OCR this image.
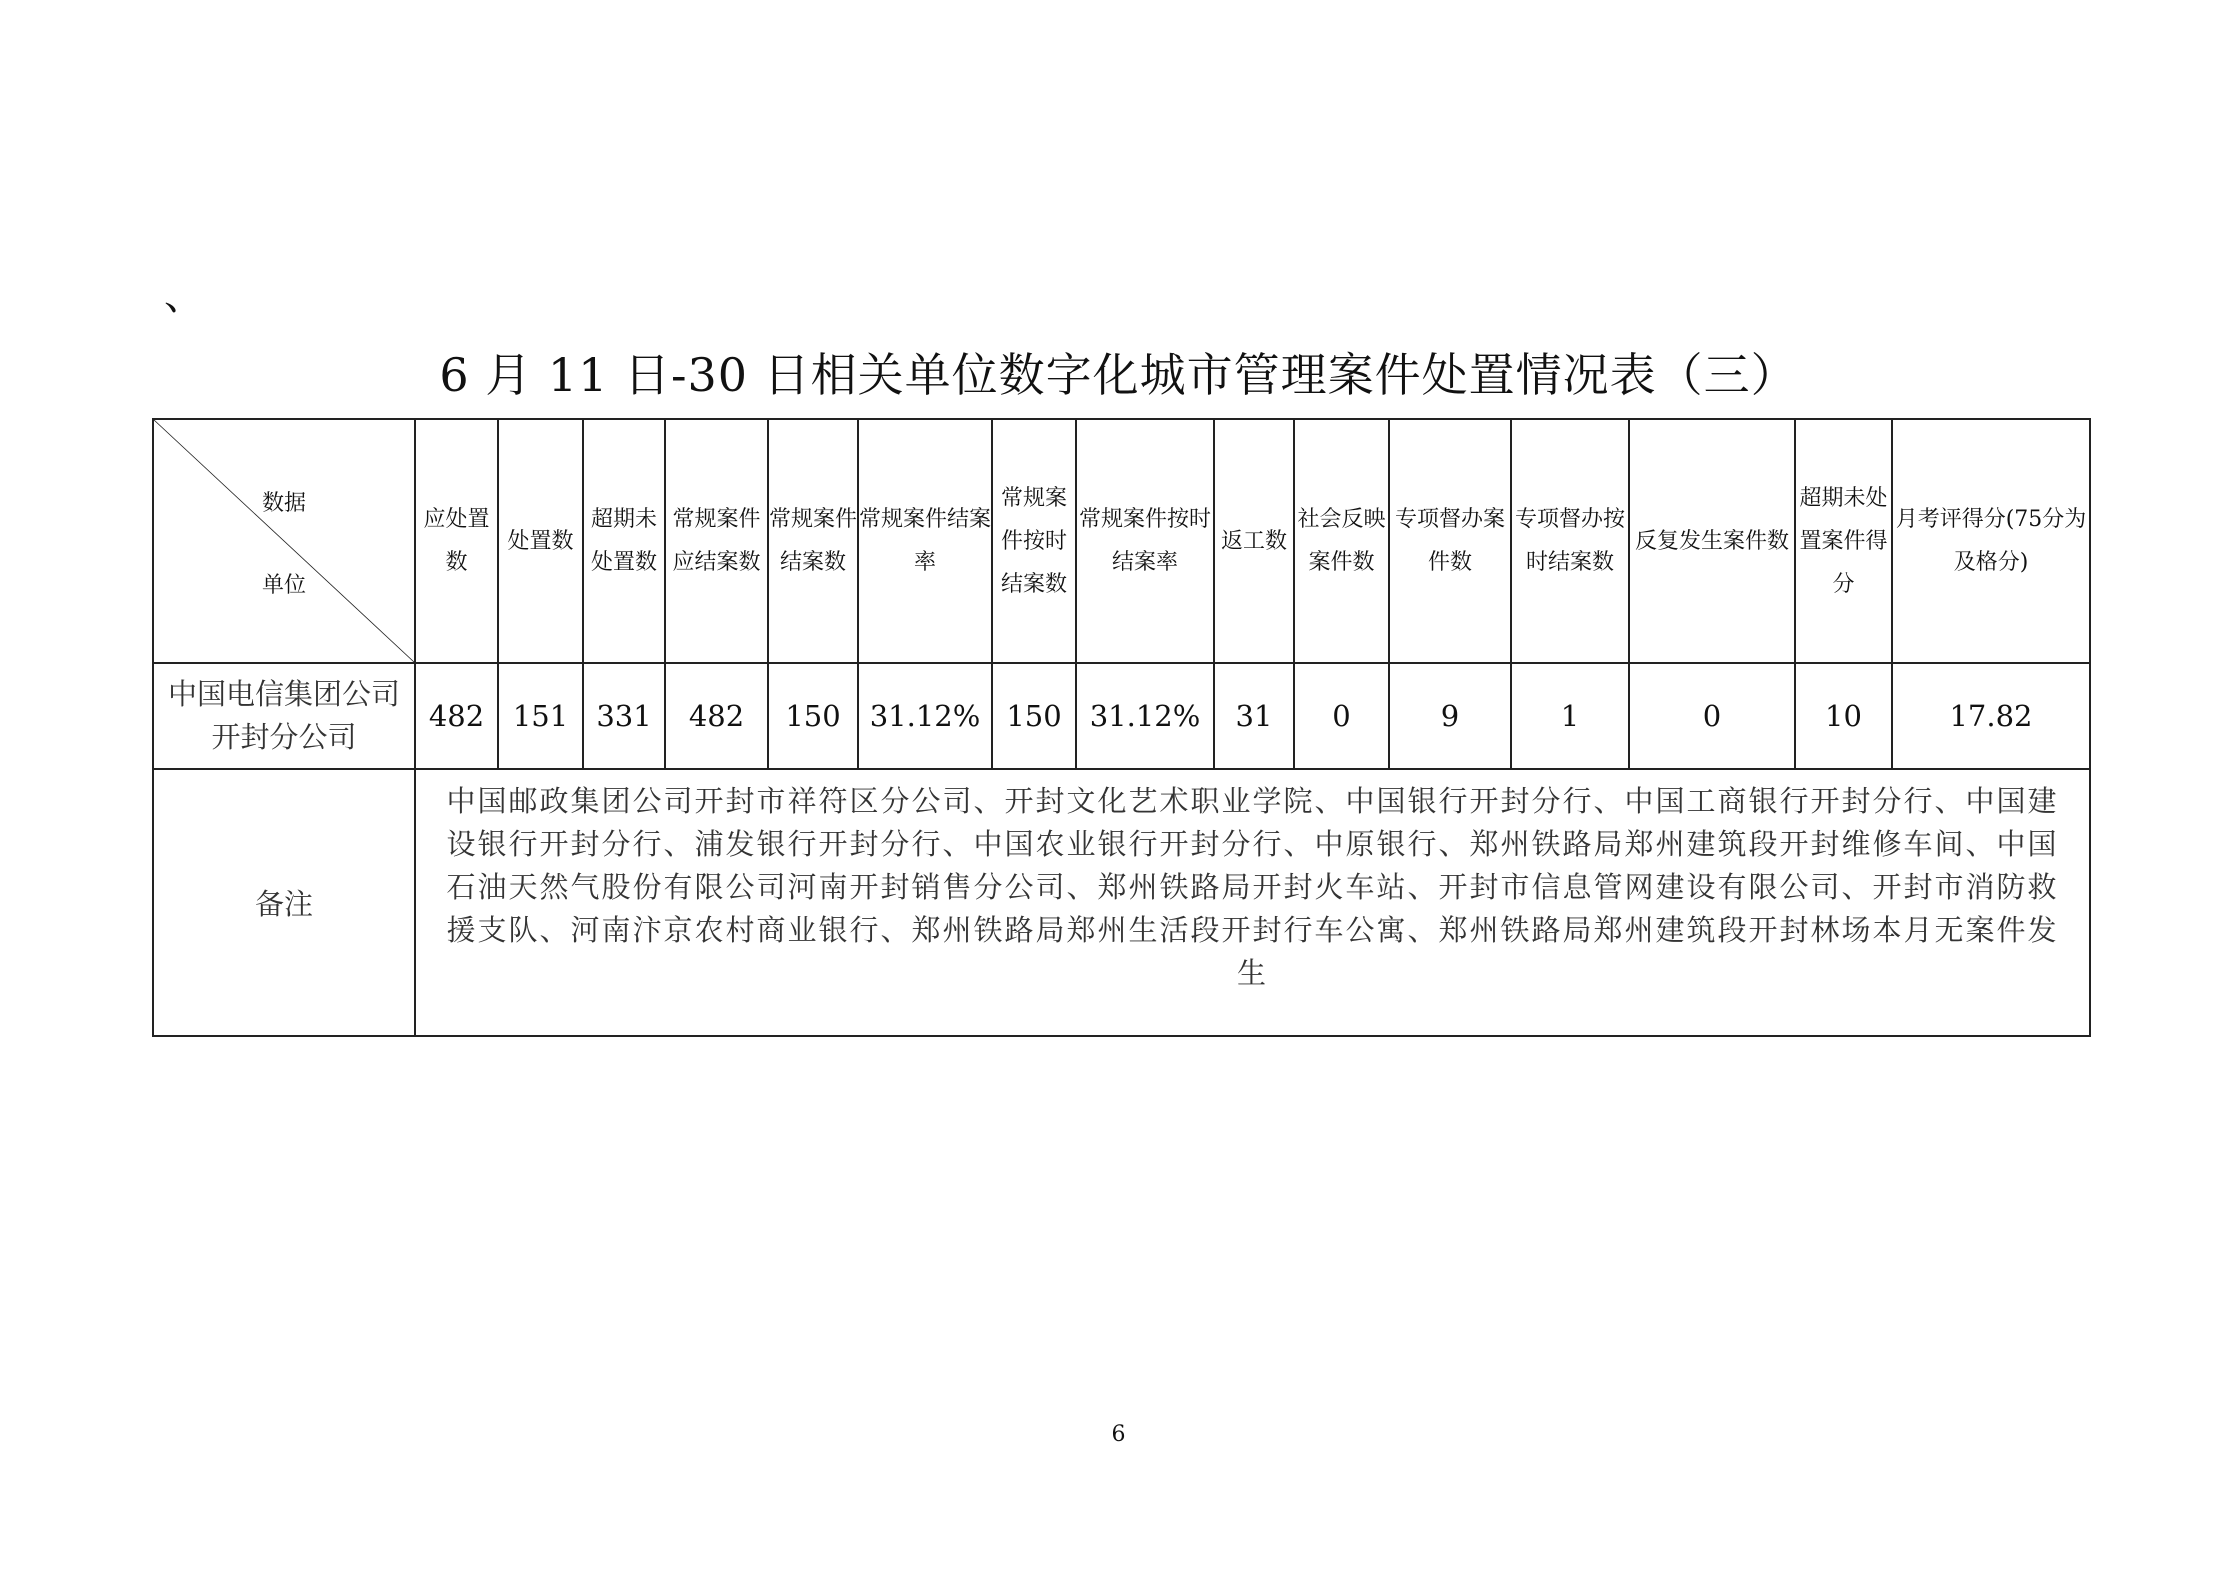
、
6 月 11 日-30 日相关单位数字化城市管理案件处置情况表（三）
数据
单位	应处置数	处置数	超期未处置数	常规案件应结案数	常规案件结案数	常规案件结案率	常规案件按时结案数	常规案件按时结案率	返工数	社会反映案件数	专项督办案件数	专项督办按时结案数	反复发生案件数	超期未处置案件得分	月考评得分(75分为及格分)
中国电信集团公司开封分公司	482	151	331	482	150	31.12%	150	31.12%	31	0	9	1	0	10	17.82
备注	中国邮政集团公司开封市祥符区分公司、开封文化艺术职业学院、中国银行开封分行、中国工商银行开封分行、中国建设银行开封分行、浦发银行开封分行、中国农业银行开封分行、中原银行、郑州铁路局郑州建筑段开封维修车间、中国石油天然气股份有限公司河南开封销售分公司、郑州铁路局开封火车站、开封市信息管网建设有限公司、开封市消防救援支队、河南汴京农村商业银行、郑州铁路局郑州生活段开封行车公寓、郑州铁路局郑州建筑段开封林场本月无案件发生														
6
